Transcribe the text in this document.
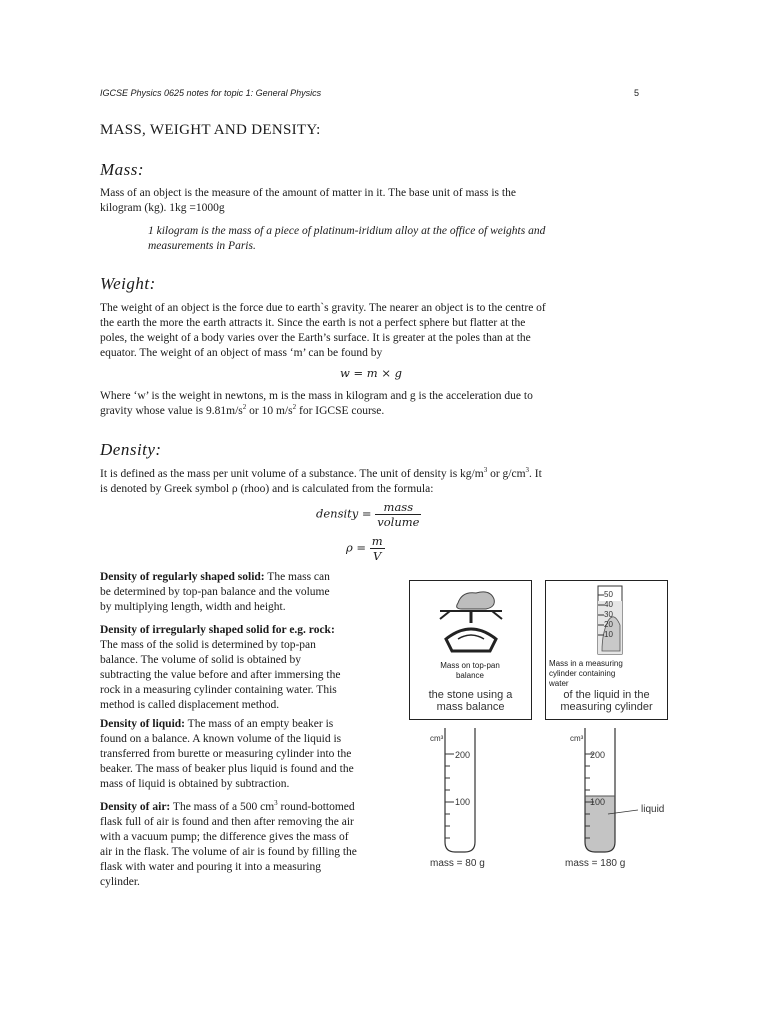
IGCSE Physics 0625 notes for topic 1: General Physics	5
MASS, WEIGHT AND DENSITY:
Mass:
Mass of an object is the measure of the amount of matter in it. The base unit of mass is the
kilogram (kg). 1kg =1000g
1 kilogram is the mass of a piece of platinum-iridium alloy at the office of weights and
measurements in Paris.
Weight:
The weight of an object is the force due to earth`s gravity. The nearer an object is to the centre of
the earth the more the earth attracts it. Since the earth is not a perfect sphere but flatter at the
poles, the weight of a body varies over the Earth’s surface. It is greater at the poles than at the
equator. The weight of an object of mass ‘m’ can be found by
w = m × g
Where ‘w’ is the weight in newtons, m is the mass in kilogram and g is the acceleration due to
gravity whose value is $9.81m/s^2$ or 10 $m/s^2$ for IGCSE course.
Density:
It is defined as the mass per unit volume of a substance. The unit of density is $kg/m^3$ or $g/cm^3$. It
is denoted by Greek symbol ρ (rhoo) and is calculated from the formula:
density = $\frac{\text{mass}}{\text{volume}}$
$\rho = \frac{m}{V}$
Density of regularly shaped solid: The mass can
be determined by top-pan balance and the volume
by multiplying length, width and height.
Density of irregularly shaped solid for e.g. rock:
The mass of the solid is determined by top-pan
balance. The volume of solid is obtained by
subtracting the value before and after immersing the
rock in a measuring cylinder containing water. This
method is called displacement method.
Density of liquid: The mass of an empty beaker is
found on a balance. A known volume of the liquid is
transferred from burette or measuring cylinder into the
beaker. The mass of beaker plus liquid is found and the
mass of liquid is obtained by subtraction.
Density of air: The mass of a 500 $cm^3$ round-bottomed
flask full of air is found and then after removing the air
with a vacuum pump; the difference gives the mass of
air in the flask. The volume of air is found by filling the
flask with water and pouring it into a measuring
cylinder.
Mass on top-pan
balance
the stone using a
mass balance
50
40
30
20
10
Mass in a measuring
cylinder containing
water
of the liquid in the
measuring cylinder
cm³
200
100
mass = 80 g
cm³
200
100
liquid
mass = 180 g
